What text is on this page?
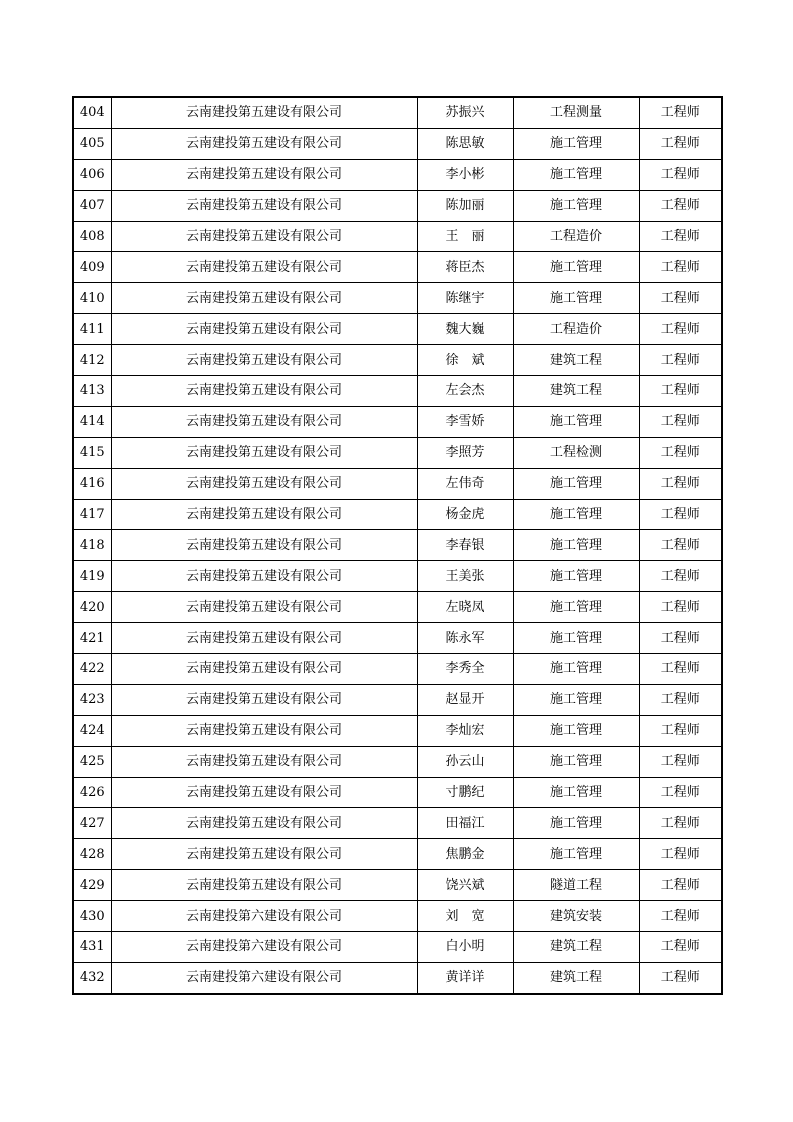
404	云南建投第五建设有限公司	苏振兴	工程测量	工程师
405	云南建投第五建设有限公司	陈思敏	施工管理	工程师
406	云南建投第五建设有限公司	李小彬	施工管理	工程师
407	云南建投第五建设有限公司	陈加丽	施工管理	工程师
408	云南建投第五建设有限公司	王　丽	工程造价	工程师
409	云南建投第五建设有限公司	蒋臣杰	施工管理	工程师
410	云南建投第五建设有限公司	陈继宇	施工管理	工程师
411	云南建投第五建设有限公司	魏大巍	工程造价	工程师
412	云南建投第五建设有限公司	徐　斌	建筑工程	工程师
413	云南建投第五建设有限公司	左会杰	建筑工程	工程师
414	云南建投第五建设有限公司	李雪娇	施工管理	工程师
415	云南建投第五建设有限公司	李照芳	工程检测	工程师
416	云南建投第五建设有限公司	左伟奇	施工管理	工程师
417	云南建投第五建设有限公司	杨金虎	施工管理	工程师
418	云南建投第五建设有限公司	李春银	施工管理	工程师
419	云南建投第五建设有限公司	王美张	施工管理	工程师
420	云南建投第五建设有限公司	左晓凤	施工管理	工程师
421	云南建投第五建设有限公司	陈永军	施工管理	工程师
422	云南建投第五建设有限公司	李秀全	施工管理	工程师
423	云南建投第五建设有限公司	赵显开	施工管理	工程师
424	云南建投第五建设有限公司	李灿宏	施工管理	工程师
425	云南建投第五建设有限公司	孙云山	施工管理	工程师
426	云南建投第五建设有限公司	寸鹏纪	施工管理	工程师
427	云南建投第五建设有限公司	田福江	施工管理	工程师
428	云南建投第五建设有限公司	焦鹏金	施工管理	工程师
429	云南建投第五建设有限公司	饶兴斌	隧道工程	工程师
430	云南建投第六建设有限公司	刘　宽	建筑安装	工程师
431	云南建投第六建设有限公司	白小明	建筑工程	工程师
432	云南建投第六建设有限公司	黄详详	建筑工程	工程师
